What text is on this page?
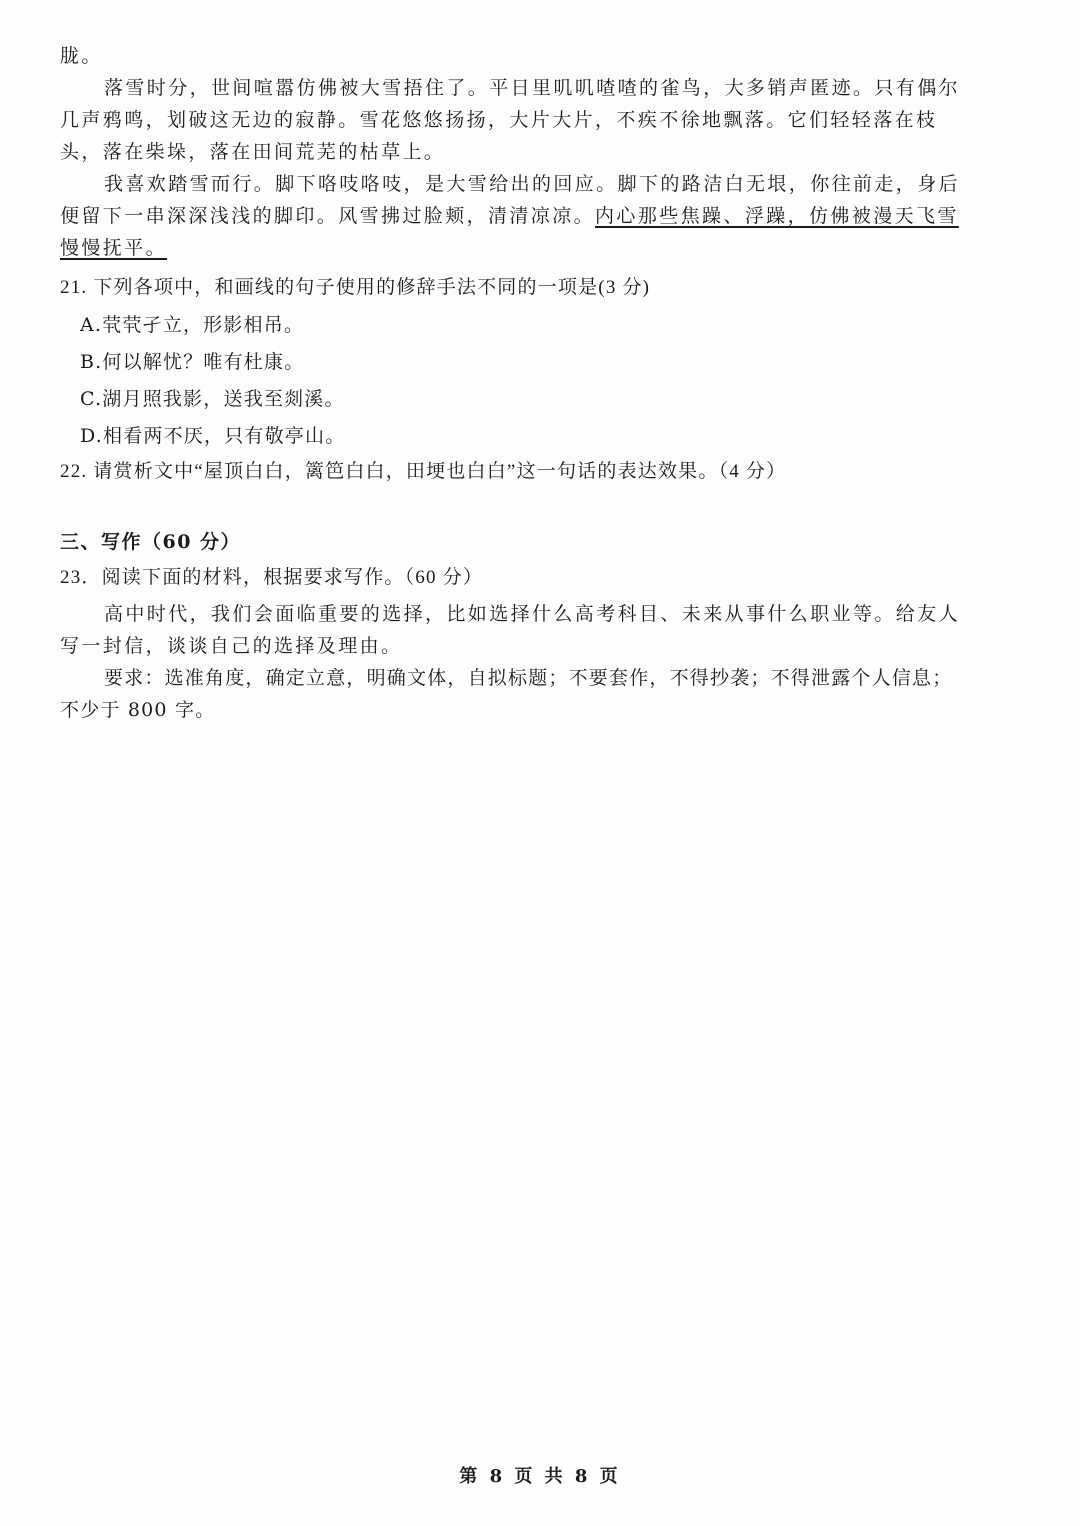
胧。

落雪时分，世间喧嚣仿佛被大雪捂住了。平日里叽叽喳喳的雀鸟，大多销声匿迹。只有偶尔几声鸦鸣，划破这无边的寂静。雪花悠悠扬扬，大片大片，不疾不徐地飘落。它们轻轻落在枝头，落在柴垛，落在田间荒芜的枯草上。

我喜欢踏雪而行。脚下咯吱咯吱，是大雪给出的回应。脚下的路洁白无垠，你往前走，身后便留下一串深深浅浅的脚印。风雪拂过脸颊，清清凉凉。内心那些焦躁、浮躁，仿佛被漫天飞雪慢慢抚平。

21. 下列各项中，和画线的句子使用的修辞手法不同的一项是(3 分)

A.茕茕孑立，形影相吊。

B.何以解忧？唯有杜康。

C.湖月照我影，送我至剡溪。

D.相看两不厌，只有敬亭山。

22. 请赏析文中“屋顶白白，篱笆白白，田埂也白白”这一句话的表达效果。（4 分）

三、写作（60 分）

23．阅读下面的材料，根据要求写作。（60 分）

高中时代，我们会面临重要的选择，比如选择什么高考科目、未来从事什么职业等。给友人写一封信，谈谈自己的选择及理由。

要求：选准角度，确定立意，明确文体，自拟标题；不要套作，不得抄袭；不得泄露个人信息；不少于 800 字。

第 8 页 共 8 页
